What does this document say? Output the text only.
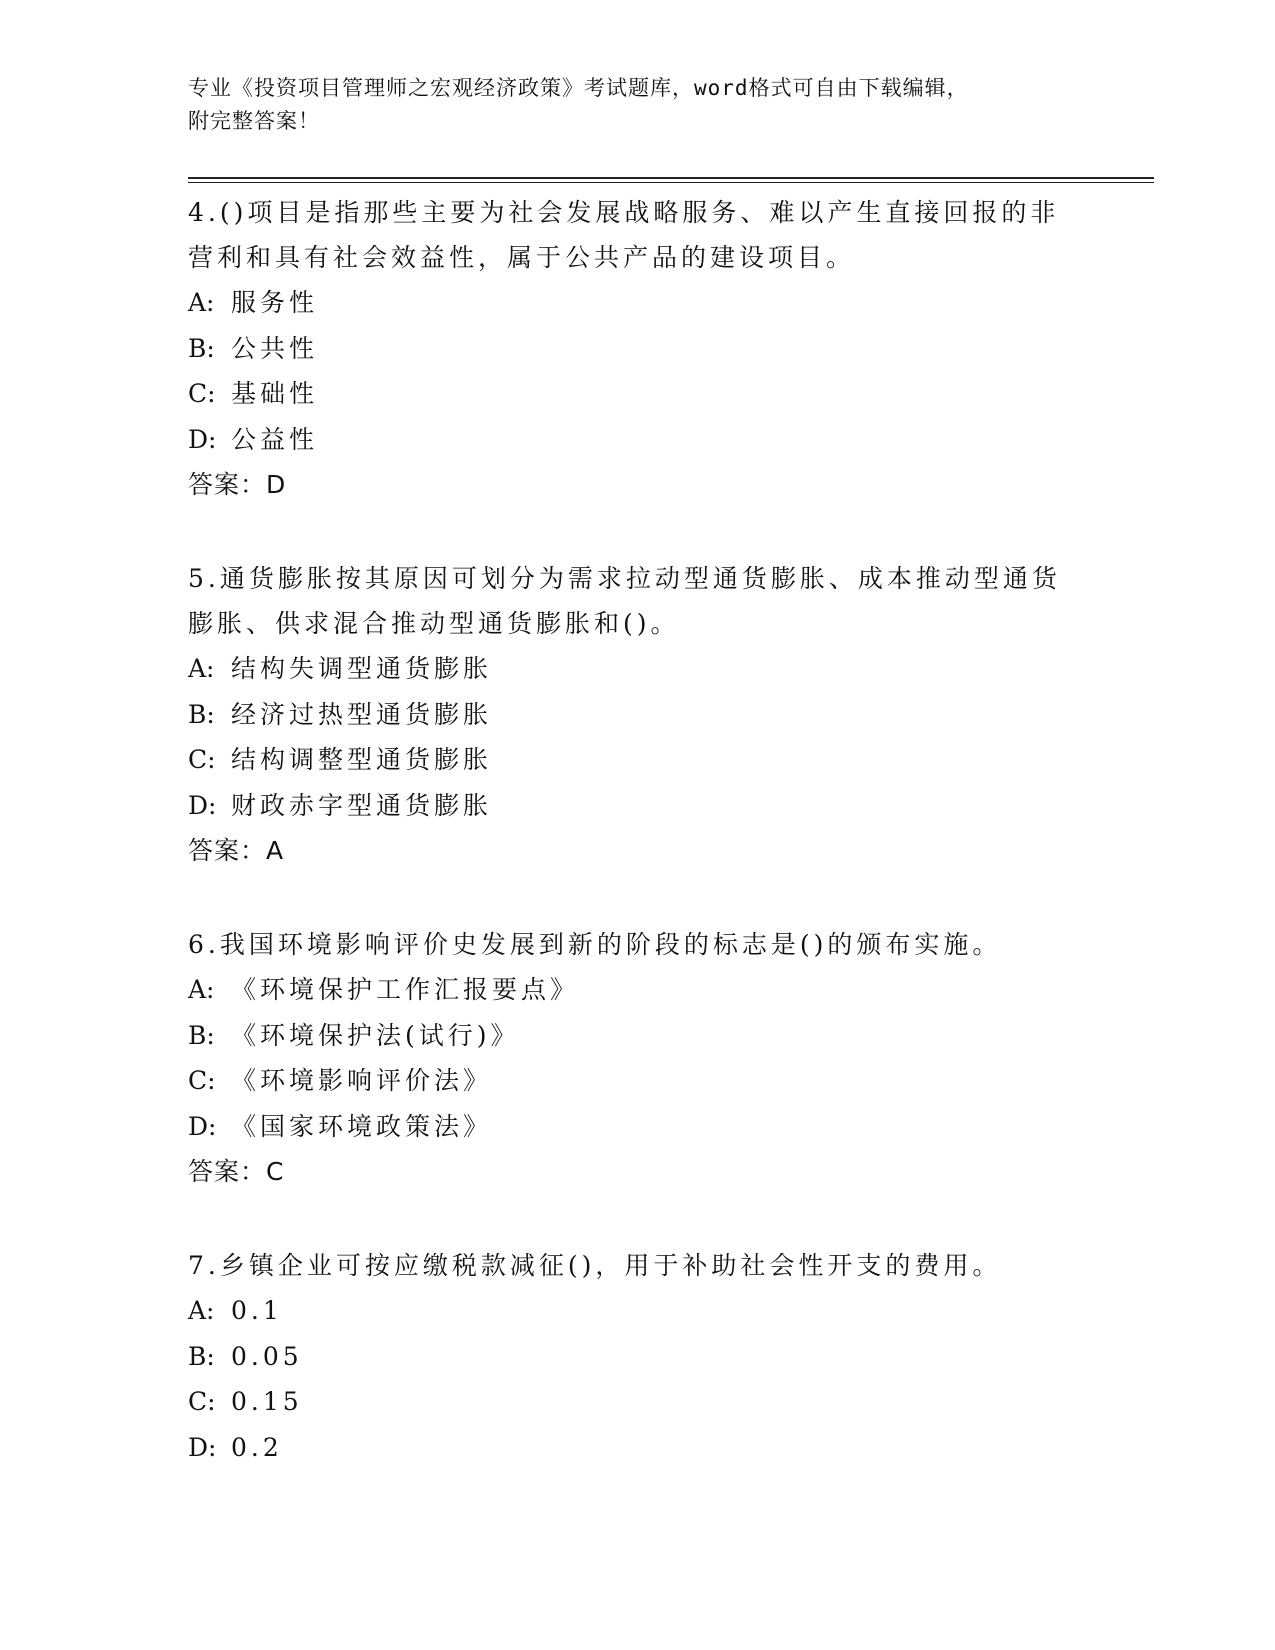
专业《投资项目管理师之宏观经济政策》考试题库，word格式可自由下载编辑，
附完整答案！

4.()项目是指那些主要为社会发展战略服务、难以产生直接回报的非营利和具有社会效益性，属于公共产品的建设项目。

A: 服务性

B: 公共性

C: 基础性

D: 公益性

答案：D

5.通货膨胀按其原因可划分为需求拉动型通货膨胀、成本推动型通货膨胀、供求混合推动型通货膨胀和()。

A: 结构失调型通货膨胀

B: 经济过热型通货膨胀

C: 结构调整型通货膨胀

D: 财政赤字型通货膨胀

答案：A

6.我国环境影响评价史发展到新的阶段的标志是()的颁布实施。

A: 《环境保护工作汇报要点》

B: 《环境保护法(试行)》

C: 《环境影响评价法》

D: 《国家环境政策法》

答案：C

7.乡镇企业可按应缴税款减征()，用于补助社会性开支的费用。

A: 0.1

B: 0.05

C: 0.15

D: 0.2
